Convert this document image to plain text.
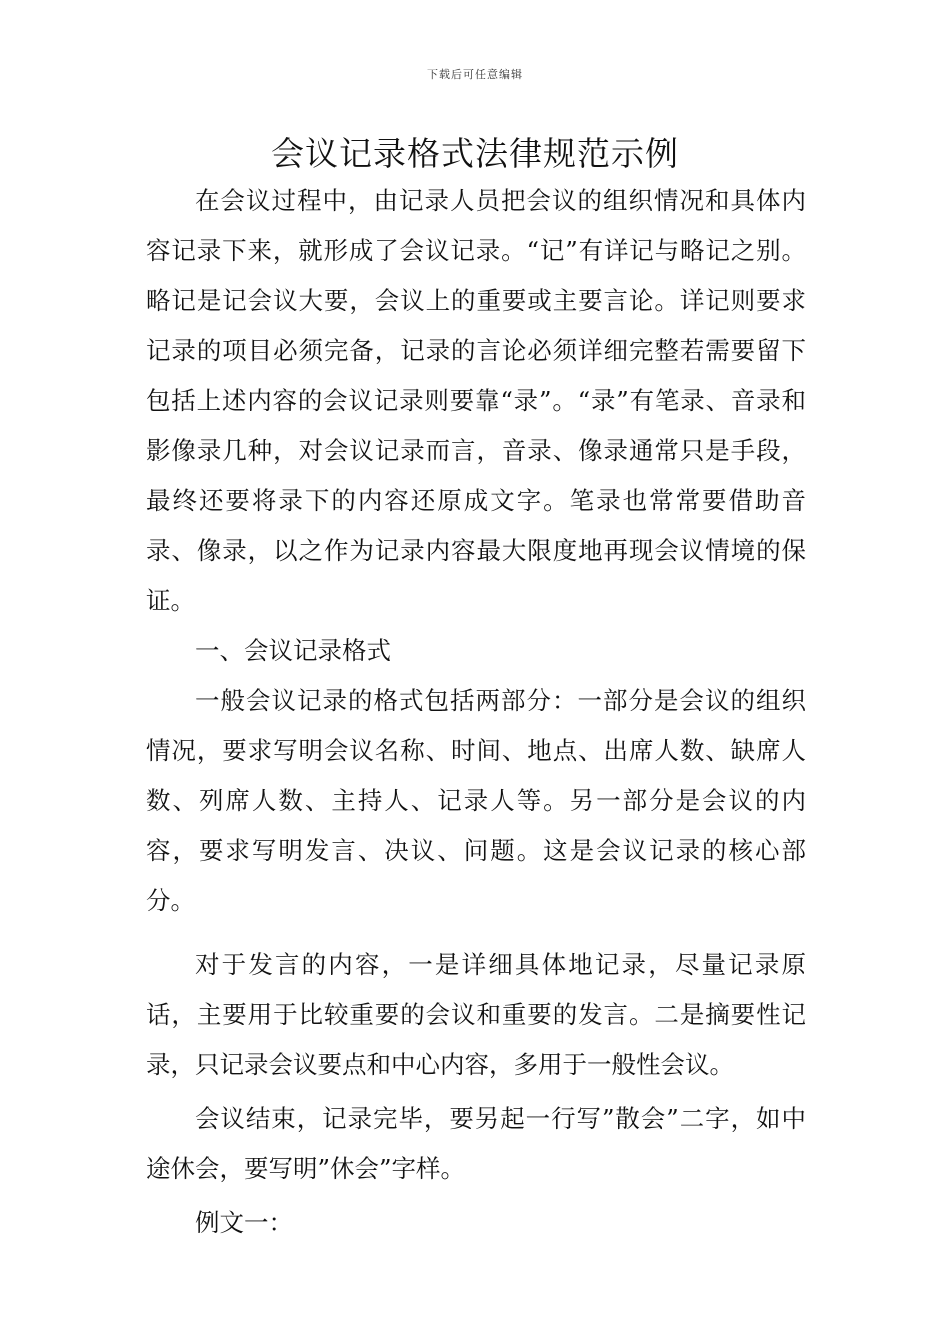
下载后可任意编辑
会议记录格式法律规范示例

在会议过程中，由记录人员把会议的组织情况和具体内容记录下来，就形成了会议记录。“记”有详记与略记之别。略记是记会议大要，会议上的重要或主要言论。详记则要求记录的项目必须完备，记录的言论必须详细完整若需要留下包括上述内容的会议记录则要靠“录”。“录”有笔录、音录和影像录几种，对会议记录而言，音录、像录通常只是手段，最终还要将录下的内容还原成文字。笔录也常常要借助音录、像录，以之作为记录内容最大限度地再现会议情境的保证。

一、会议记录格式

一般会议记录的格式包括两部分：一部分是会议的组织情况，要求写明会议名称、时间、地点、出席人数、缺席人数、列席人数、主持人、记录人等。另一部分是会议的内容，要求写明发言、决议、问题。这是会议记录的核心部分。

对于发言的内容，一是详细具体地记录，尽量记录原话，主要用于比较重要的会议和重要的发言。二是摘要性记录，只记录会议要点和中心内容，多用于一般性会议。

会议结束，记录完毕，要另起一行写”散会”二字，如中途休会，要写明”休会”字样。

例文一：
